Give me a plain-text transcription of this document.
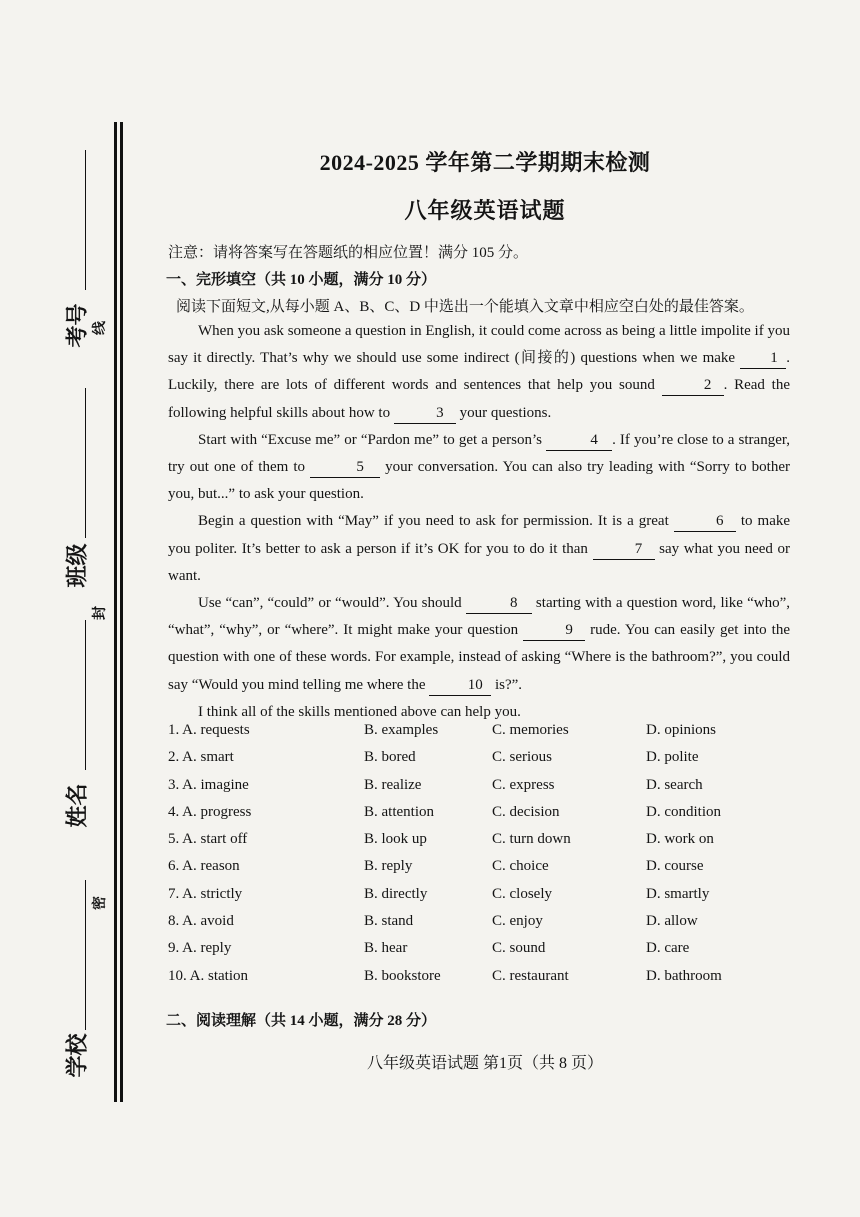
考号 线
班级
封
姓名
密
学校
2024-2025 学年第二学期期末检测
八年级英语试题
注意：请将答案写在答题纸的相应位置！满分 105 分。
一、完形填空（共 10 小题，满分 10 分）
阅读下面短文,从每小题 A、B、C、D 中选出一个能填入文章中相应空白处的最佳答案。

When you ask someone a question in English, it could come across as being a little impolite if you say it directly. That’s why we should use some indirect (间接的) questions when we make 1 . Luckily, there are lots of different words and sentences that help you sound	2 . Read the following helpful skills about how to	3 your questions.

Start with “Excuse me” or “Pardon me” to get a person’s	4 . If you’re close to a stranger, try out one of them to	5 your conversation. You can also try leading with “Sorry to bother you, but...” to ask your question.

Begin a question with “May” if you need to ask for permission. It is a great	6 to make you politer. It’s better to ask a person if it’s OK for you to do it than	7 say what you need or want.

Use “can”, “could” or “would”. You should	8 starting with a question word, like “who”, “what”, “why”, or “where”. It might make your question	9 rude. You can easily get into the question with one of these words. For example, instead of asking “Where is the bathroom?”, you could say “Would you mind telling me where the	10 is?”.

I think all of the skills mentioned above can help you.

1. A. requests	B. examples	C. memories	D. opinions
2. A. smart	B. bored	C. serious	D. polite
3. A. imagine	B. realize	C. express	D. search
4. A. progress	B. attention	C. decision	D. condition
5. A. start off	B. look up	C. turn down	D. work on
6. A. reason	B. reply	C. choice	D. course
7. A. strictly	B. directly	C. closely	D. smartly
8. A. avoid	B. stand	C. enjoy	D. allow
9. A. reply	B. hear	C. sound	D. care
10. A. station	B. bookstore	C. restaurant	D. bathroom
二、阅读理解（共 14 小题，满分 28 分）
八年级英语试题 第1页（共 8 页）
